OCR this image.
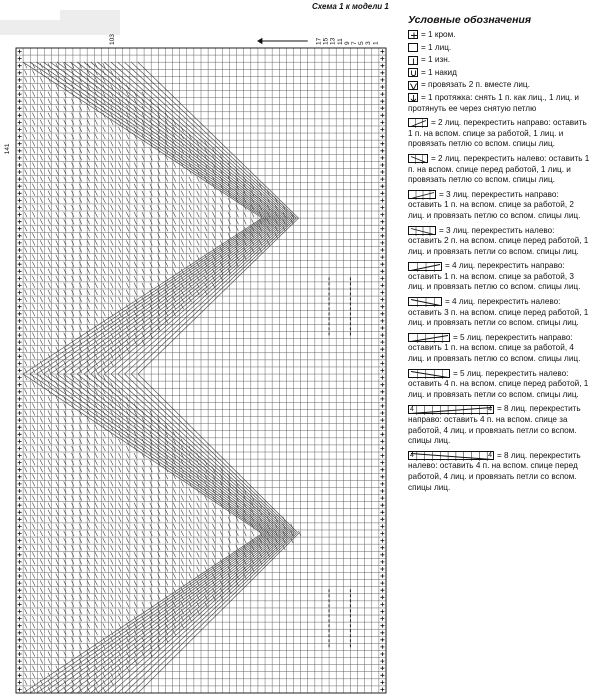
Схема 1 к модели 1
103	17 15 13 11 9 7 5 3 1
141
Условные обозначения
= 1 кром.
= 1 лиц.
= 1 изн.
= 1 накид
= провязать 2 п. вместе лиц.
= 1 протяжка: снять 1 п. как лиц., 1 лиц. и протянуть ее через снятую петлю
= 2 лиц. перекрестить направо: оставить 1 п. на вспом. спице за работой, 1 лиц. и провязать петлю со вспом. спицы лиц.
= 2 лиц. перекрестить налево: оставить 1 п. на вспом. спице перед работой, 1 лиц. и провязать петлю со вспом. спицы лиц.
= 3 лиц. перекрестить направо: оставить 1 п. на вспом. спице за работой, 2 лиц. и провязать петлю со вспом. спицы лиц.
= 3 лиц. перекрестить налево: оставить 2 п. на вспом. спице перед работой, 1 лиц. и провязать петли со вспом. спицы лиц.
= 4 лиц. перекрестить направо: оставить 1 п. на вспом. спице за работой, 3 лиц. и провязать петлю со вспом. спицы лиц.
= 4 лиц. перекрестить налево: оставить 3 п. на вспом. спице перед работой, 1 лиц. и провязать петли со вспом. спицы лиц.
= 5 лиц. перекрестить направо: оставить 1 п. на вспом. спице за работой, 4 лиц. и провязать петлю со вспом. спицы лиц.
= 5 лиц. перекрестить налево: оставить 4 п. на вспом. спице перед работой, 1 лиц. и провязать петли со вспом. спицы лиц.
4	4 = 8 лиц. перекрестить направо: оставить 4 п. на вспом. спице за работой, 4 лиц. и провязать петли со вспом. спицы лиц.
4	4 = 8 лиц. перекрестить налево: оставить 4 п. на вспом. спице перед работой, 4 лиц. и провязать петли со вспом. спицы лиц.
